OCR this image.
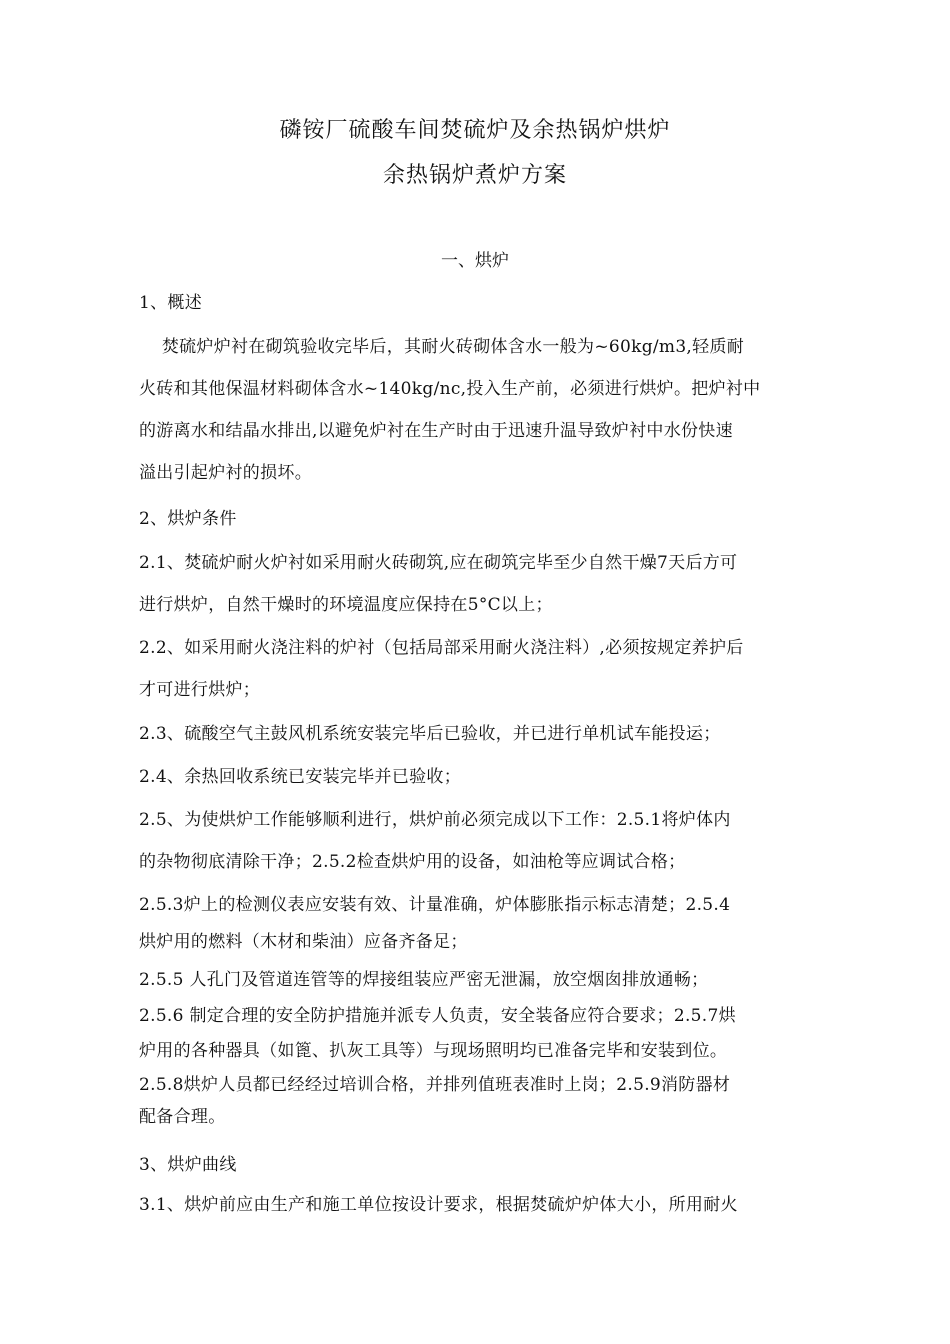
磷铵厂硫酸车间焚硫炉及余热锅炉烘炉
余热锅炉煮炉方案
一、烘炉
1、概述
焚硫炉炉衬在砌筑验收完毕后，其耐火砖砌体含水一般为~60kg/m3,轻质耐
火砖和其他保温材料砌体含水~140kg/nc,投入生产前，必须进行烘炉。把炉衬中
的游离水和结晶水排出,以避免炉衬在生产时由于迅速升温导致炉衬中水份快速
溢出引起炉衬的损坏。
2、烘炉条件
2.1、焚硫炉耐火炉衬如采用耐火砖砌筑,应在砌筑完毕至少自然干燥7天后方可
进行烘炉，自然干燥时的环境温度应保持在5°C以上；
2.2、如采用耐火浇注料的炉衬（包括局部采用耐火浇注料）,必须按规定养护后
才可进行烘炉；
2.3、硫酸空气主鼓风机系统安装完毕后已验收，并已进行单机试车能投运；
2.4、余热回收系统已安装完毕并已验收；
2.5、为使烘炉工作能够顺利进行，烘炉前必须完成以下工作：2.5.1将炉体内
的杂物彻底清除干净；2.5.2检查烘炉用的设备，如油枪等应调试合格；
2.5.3炉上的检测仪表应安装有效、计量准确，炉体膨胀指示标志清楚；2.5.4
烘炉用的燃料（木材和柴油）应备齐备足；
2.5.5 人孔门及管道连管等的焊接组装应严密无泄漏，放空烟囱排放通畅；
2.5.6 制定合理的安全防护措施并派专人负责，安全装备应符合要求；2.5.7烘
炉用的各种器具（如篦、扒灰工具等）与现场照明均已准备完毕和安装到位。
2.5.8烘炉人员都已经经过培训合格，并排列值班表准时上岗；2.5.9消防器材
配备合理。
3、烘炉曲线
3.1、烘炉前应由生产和施工单位按设计要求，根据焚硫炉炉体大小，所用耐火
